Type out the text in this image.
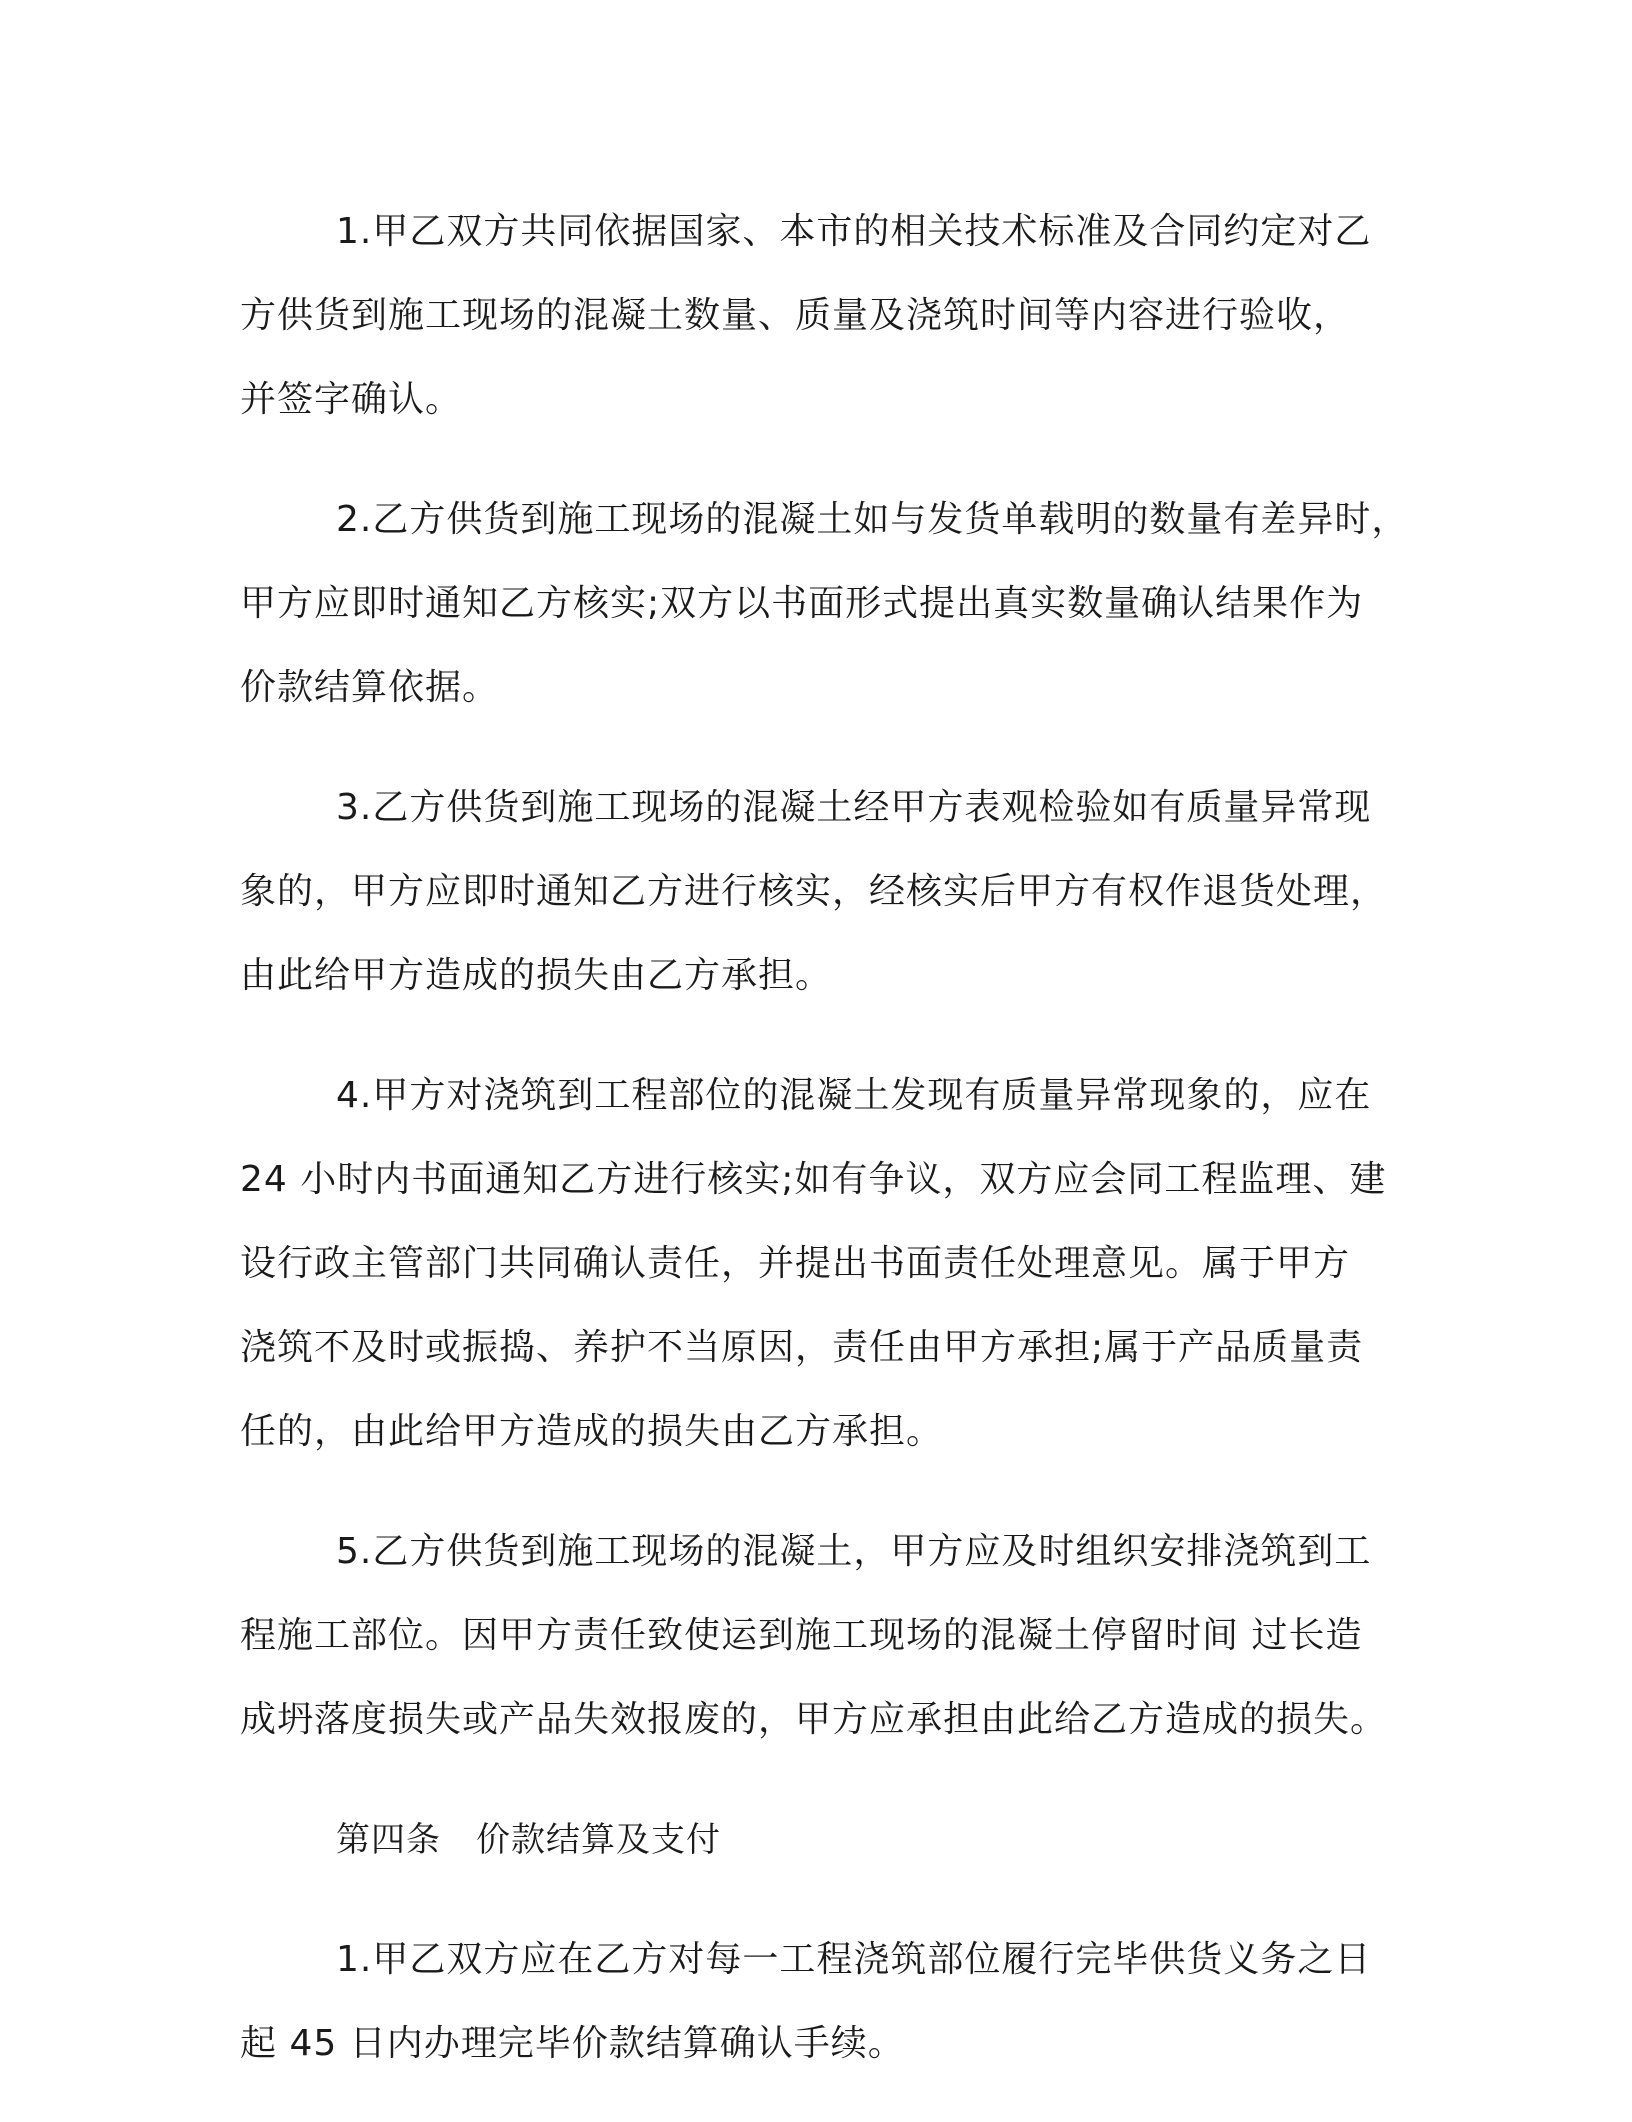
1.甲乙双方共同依据国家、本市的相关技术标准及合同约定对乙
方供货到施工现场的混凝土数量、质量及浇筑时间等内容进行验收，
并签字确认。

2.乙方供货到施工现场的混凝土如与发货单载明的数量有差异时，
甲方应即时通知乙方核实;双方以书面形式提出真实数量确认结果作为
价款结算依据。

3.乙方供货到施工现场的混凝土经甲方表观检验如有质量异常现
象的，甲方应即时通知乙方进行核实，经核实后甲方有权作退货处理，
由此给甲方造成的损失由乙方承担。

4.甲方对浇筑到工程部位的混凝土发现有质量异常现象的，应在
24 小时内书面通知乙方进行核实;如有争议，双方应会同工程监理、建
设行政主管部门共同确认责任，并提出书面责任处理意见。属于甲方
浇筑不及时或振捣、养护不当原因，责任由甲方承担;属于产品质量责
任的，由此给甲方造成的损失由乙方承担。

5.乙方供货到施工现场的混凝土，甲方应及时组织安排浇筑到工
程施工部位。因甲方责任致使运到施工现场的混凝土停留时间 过长造
成坍落度损失或产品失效报废的，甲方应承担由此给乙方造成的损失。

第四条　价款结算及支付

1.甲乙双方应在乙方对每一工程浇筑部位履行完毕供货义务之日
起 45 日内办理完毕价款结算确认手续。
